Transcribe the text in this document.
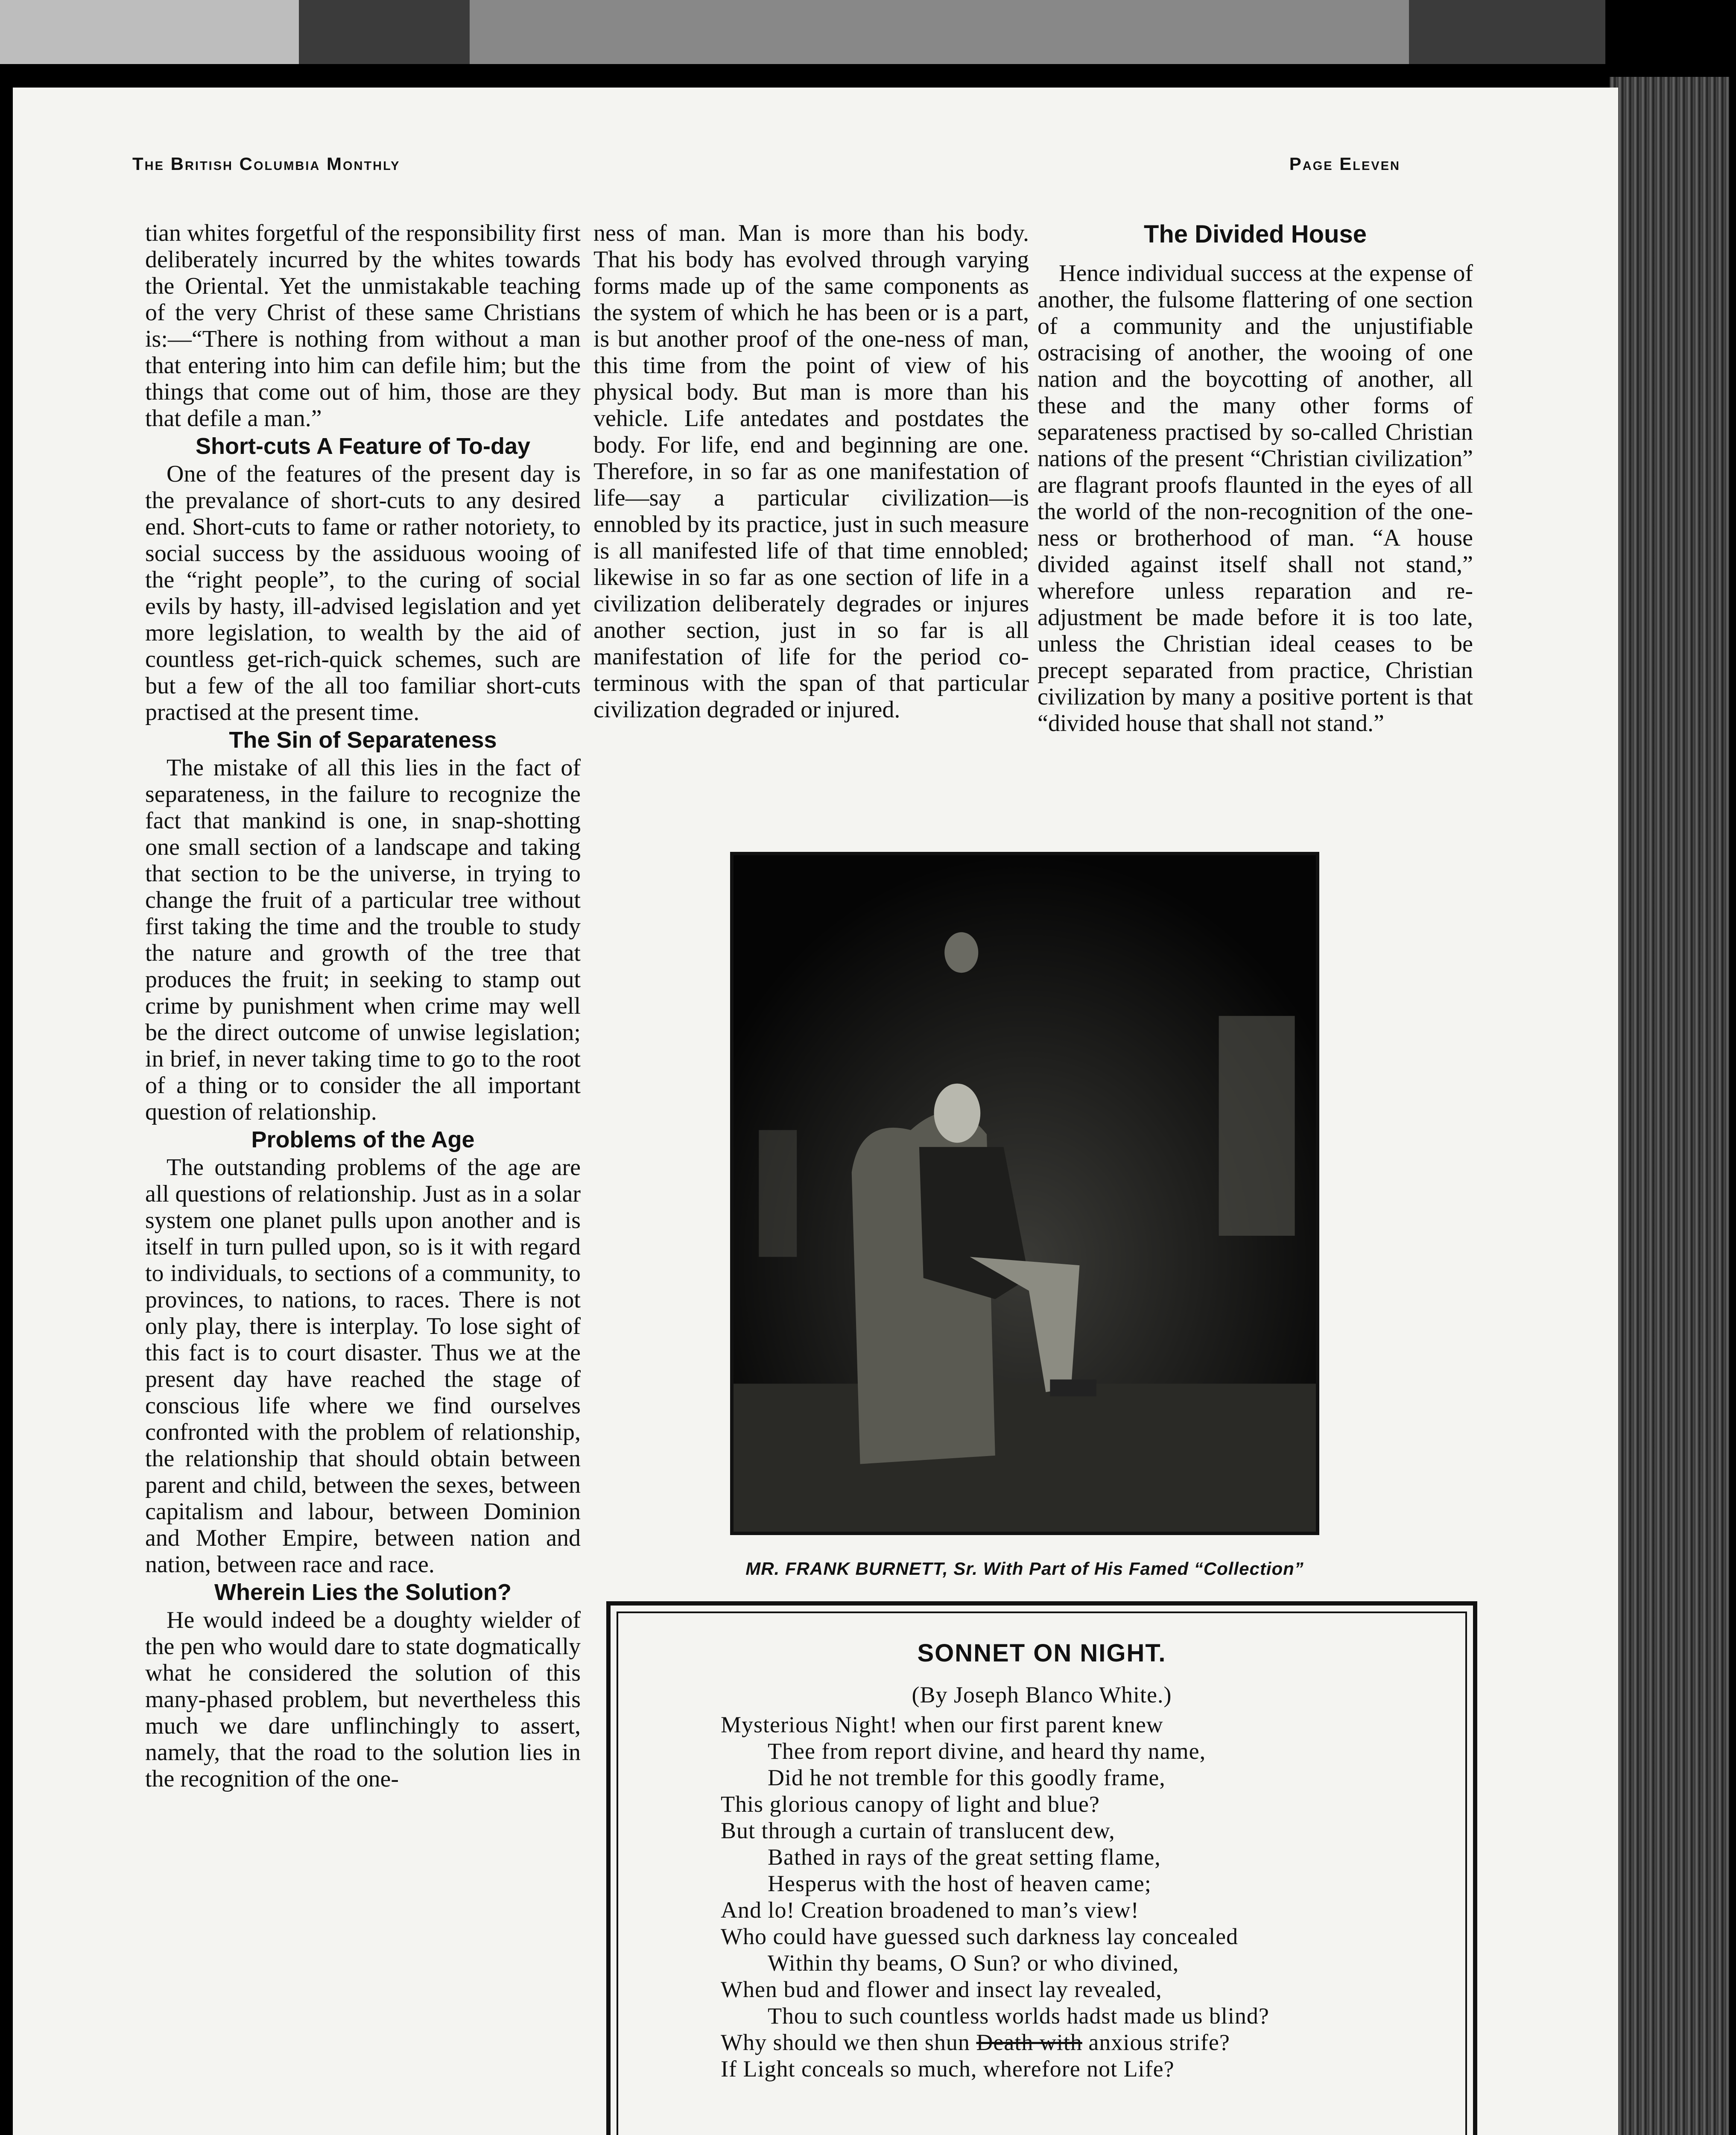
The British Columbia Monthly	Page Eleven

tian whites forgetful of the responsibility first deliberately incurred by the whites towards the Oriental. Yet the unmistakable teaching of the very Christ of these same Christians is:—“There is nothing from without a man that entering into him can defile him; but the things that come out of him, those are they that defile a man.”

Short-cuts A Feature of To-day

One of the features of the present day is the prevalance of short-cuts to any desired end. Short-cuts to fame or rather notoriety, to social success by the assiduous wooing of the “right people”, to the curing of social evils by hasty, ill-advised legislation and yet more legislation, to wealth by the aid of countless get-rich-quick schemes, such are but a few of the all too familiar short-cuts practised at the present time.

The Sin of Separateness

The mistake of all this lies in the fact of separateness, in the failure to recognize the fact that mankind is one, in snap-shotting one small section of a landscape and taking that section to be the universe, in trying to change the fruit of a particular tree without first taking the time and the trouble to study the nature and growth of the tree that produces the fruit; in seeking to stamp out crime by punishment when crime may well be the direct outcome of unwise legislation; in brief, in never taking time to go to the root of a thing or to consider the all important question of relationship.

Problems of the Age

The outstanding problems of the age are all questions of relationship. Just as in a solar system one planet pulls upon another and is itself in turn pulled upon, so is it with regard to individuals, to sections of a community, to provinces, to nations, to races. There is not only play, there is interplay. To lose sight of this fact is to court disaster. Thus we at the present day have reached the stage of conscious life where we find ourselves confronted with the problem of relationship, the relationship that should obtain between parent and child, between the sexes, between capitalism and labour, between Dominion and Mother Empire, between nation and nation, between race and race.

Wherein Lies the Solution?

He would indeed be a doughty wielder of the pen who would dare to state dogmatically what he considered the solution of this many-phased problem, but nevertheless this much we dare unflinchingly to assert, namely, that the road to the solution lies in the recognition of the one-

ness of man. Man is more than his body. That his body has evolved through varying forms made up of the same components as the system of which he has been or is a part, is but another proof of the one-ness of man, this time from the point of view of his physical body. But man is more than his vehicle. Life antedates and postdates the body. For life, end and beginning are one. Therefore, in so far as one manifestation of life—say a particular civilization—is ennobled by its practice, just in such measure is all manifested life of that time ennobled; likewise in so far as one section of life in a civilization deliberately degrades or injures another section, just in so far is all manifestation of life for the period co-terminous with the span of that particular civilization degraded or injured.

The Divided House

Hence individual success at the expense of another, the fulsome flattering of one section of a community and the unjustifiable ostracising of another, the wooing of one nation and the boycotting of another, all these and the many other forms of separateness practised by so-called Christian nations of the present “Christian civilization” are flagrant proofs flaunted in the eyes of all the world of the non-recognition of the one-ness or brotherhood of man. “A house divided against itself shall not stand,” wherefore unless reparation and re-adjustment be made before it is too late, unless the Christian ideal ceases to be precept separated from practice, Christian civilization by many a positive portent is that “divided house that shall not stand.”

MR. FRANK BURNETT, Sr. With Part of His Famed “Collection”
SONNET ON NIGHT.
(By Joseph Blanco White.)
Mysterious Night! when our first parent knew
Thee from report divine, and heard thy name,
Did he not tremble for this goodly frame,
This glorious canopy of light and blue?
But through a curtain of translucent dew,
Bathed in rays of the great setting flame,
Hesperus with the host of heaven came;
And lo! Creation broadened to man’s view!
Who could have guessed such darkness lay concealed
Within thy beams, O Sun? or who divined,
When bud and flower and insect lay revealed,
Thou to such countless worlds hadst made us blind?
Why should we then shun Death with anxious strife?
If Light conceals so much, wherefore not Life?
